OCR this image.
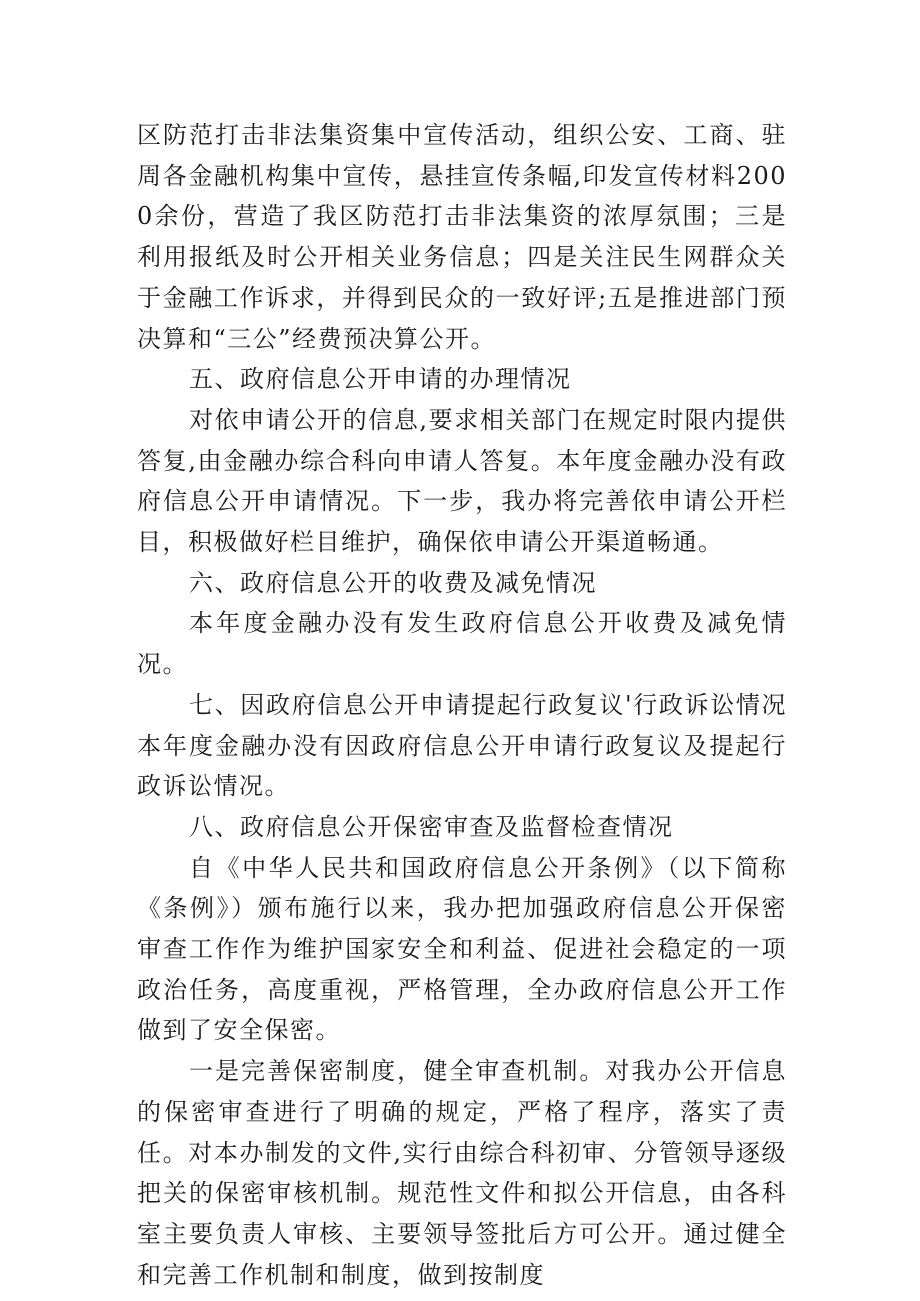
区防范打击非法集资集中宣传活动，组织公安、工商、驻周各金融机构集中宣传，悬挂宣传条幅,印发宣传材料2000余份，营造了我区防范打击非法集资的浓厚氛围；三是利用报纸及时公开相关业务信息；四是关注民生网群众关于金融工作诉求，并得到民众的一致好评;五是推进部门预决算和“三公”经费预决算公开。

五、政府信息公开申请的办理情况

对依申请公开的信息,要求相关部门在规定时限内提供答复,由金融办综合科向申请人答复。本年度金融办没有政府信息公开申请情况。下一步，我办将完善依申请公开栏目，积极做好栏目维护，确保依申请公开渠道畅通。

六、政府信息公开的收费及减免情况

本年度金融办没有发生政府信息公开收费及减免情况。

七、因政府信息公开申请提起行政复议'行政诉讼情况本年度金融办没有因政府信息公开申请行政复议及提起行政诉讼情况。

八、政府信息公开保密审查及监督检查情况

自《中华人民共和国政府信息公开条例》（以下简称《条例》）颁布施行以来，我办把加强政府信息公开保密审查工作作为维护国家安全和利益、促进社会稳定的一项政治任务，高度重视，严格管理，全办政府信息公开工作做到了安全保密。

一是完善保密制度，健全审查机制。对我办公开信息的保密审查进行了明确的规定，严格了程序，落实了责任。对本办制发的文件,实行由综合科初审、分管领导逐级把关的保密审核机制。规范性文件和拟公开信息，由各科室主要负责人审核、主要领导签批后方可公开。通过健全和完善工作机制和制度，做到按制度
